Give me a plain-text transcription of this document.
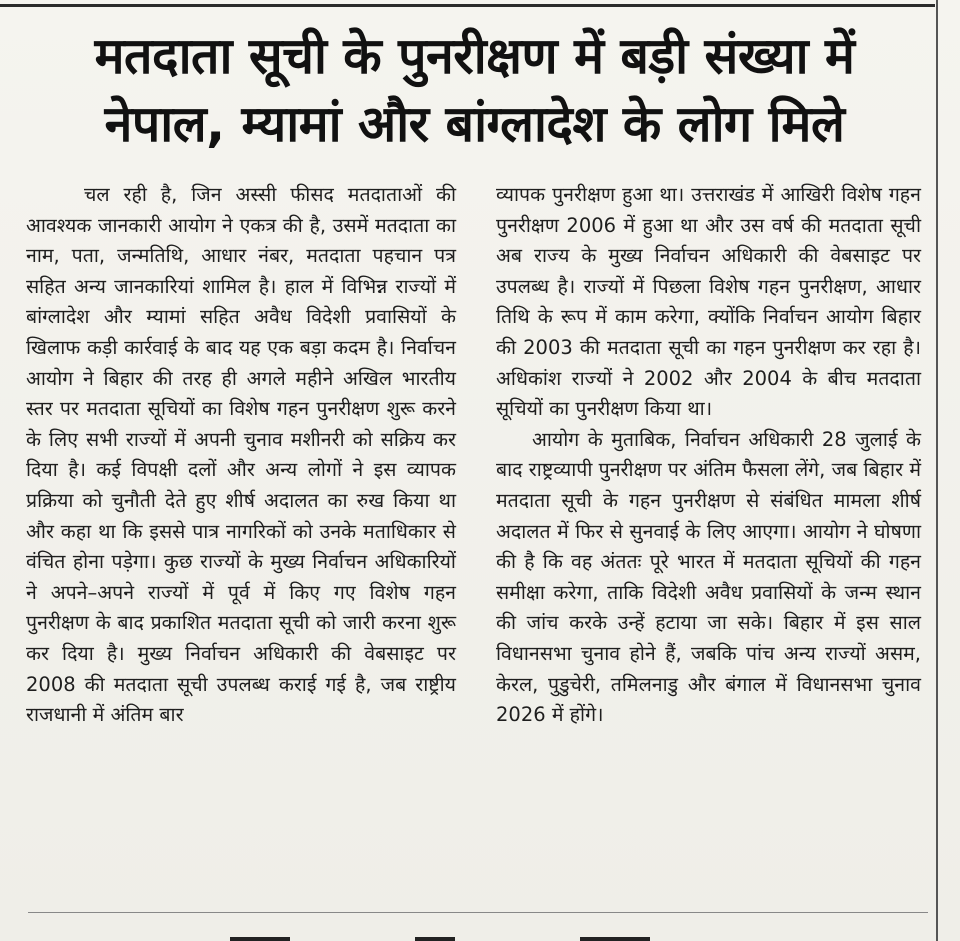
मतदाता सूची के पुनरीक्षण में बड़ी संख्या में
नेपाल, म्यामां और बांग्लादेश के लोग मिले

चल रही है, जिन अस्सी फीसद मतदाताओं की आवश्यक जानकारी आयोग ने एकत्र की है, उसमें मतदाता का नाम, पता, जन्मतिथि, आधार नंबर, मतदाता पहचान पत्र सहित अन्य जानकारियां शामिल है। हाल में विभिन्न राज्यों में बांग्लादेश और म्यामां सहित अवैध विदेशी प्रवासियों के खिलाफ कड़ी कार्रवाई के बाद यह एक बड़ा कदम है। निर्वाचन आयोग ने बिहार की तरह ही अगले महीने अखिल भारतीय स्तर पर मतदाता सूचियों का विशेष गहन पुनरीक्षण शुरू करने के लिए सभी राज्यों में अपनी चुनाव मशीनरी को सक्रिय कर दिया है। कई विपक्षी दलों और अन्य लोगों ने इस व्यापक प्रक्रिया को चुनौती देते हुए शीर्ष अदालत का रुख किया था और कहा था कि इससे पात्र नागरिकों को उनके मताधिकार से वंचित होना पड़ेगा। कुछ राज्यों के मुख्य निर्वाचन अधिकारियों ने अपने–अपने राज्यों में पूर्व में किए गए विशेष गहन पुनरीक्षण के बाद प्रकाशित मतदाता सूची को जारी करना शुरू कर दिया है। मुख्य निर्वाचन अधिकारी की वेबसाइट पर 2008 की मतदाता सूची उपलब्ध कराई गई है, जब राष्ट्रीय राजधानी में अंतिम बार

व्यापक पुनरीक्षण हुआ था। उत्तराखंड में आखिरी विशेष गहन पुनरीक्षण 2006 में हुआ था और उस वर्ष की मतदाता सूची अब राज्य के मुख्य निर्वाचन अधिकारी की वेबसाइट पर उपलब्ध है। राज्यों में पिछला विशेष गहन पुनरीक्षण, आधार तिथि के रूप में काम करेगा, क्योंकि निर्वाचन आयोग बिहार की 2003 की मतदाता सूची का गहन पुनरीक्षण कर रहा है। अधिकांश राज्यों ने 2002 और 2004 के बीच मतदाता सूचियों का पुनरीक्षण किया था।

आयोग के मुताबिक, निर्वाचन अधिकारी 28 जुलाई के बाद राष्ट्रव्यापी पुनरीक्षण पर अंतिम फैसला लेंगे, जब बिहार में मतदाता सूची के गहन पुनरीक्षण से संबंधित मामला शीर्ष अदालत में फिर से सुनवाई के लिए आएगा। आयोग ने घोषणा की है कि वह अंततः पूरे भारत में मतदाता सूचियों की गहन समीक्षा करेगा, ताकि विदेशी अवैध प्रवासियों के जन्म स्थान की जांच करके उन्हें हटाया जा सके। बिहार में इस साल विधानसभा चुनाव होने हैं, जबकि पांच अन्य राज्यों असम, केरल, पुडुचेरी, तमिलनाडु और बंगाल में विधानसभा चुनाव 2026 में होंगे।
